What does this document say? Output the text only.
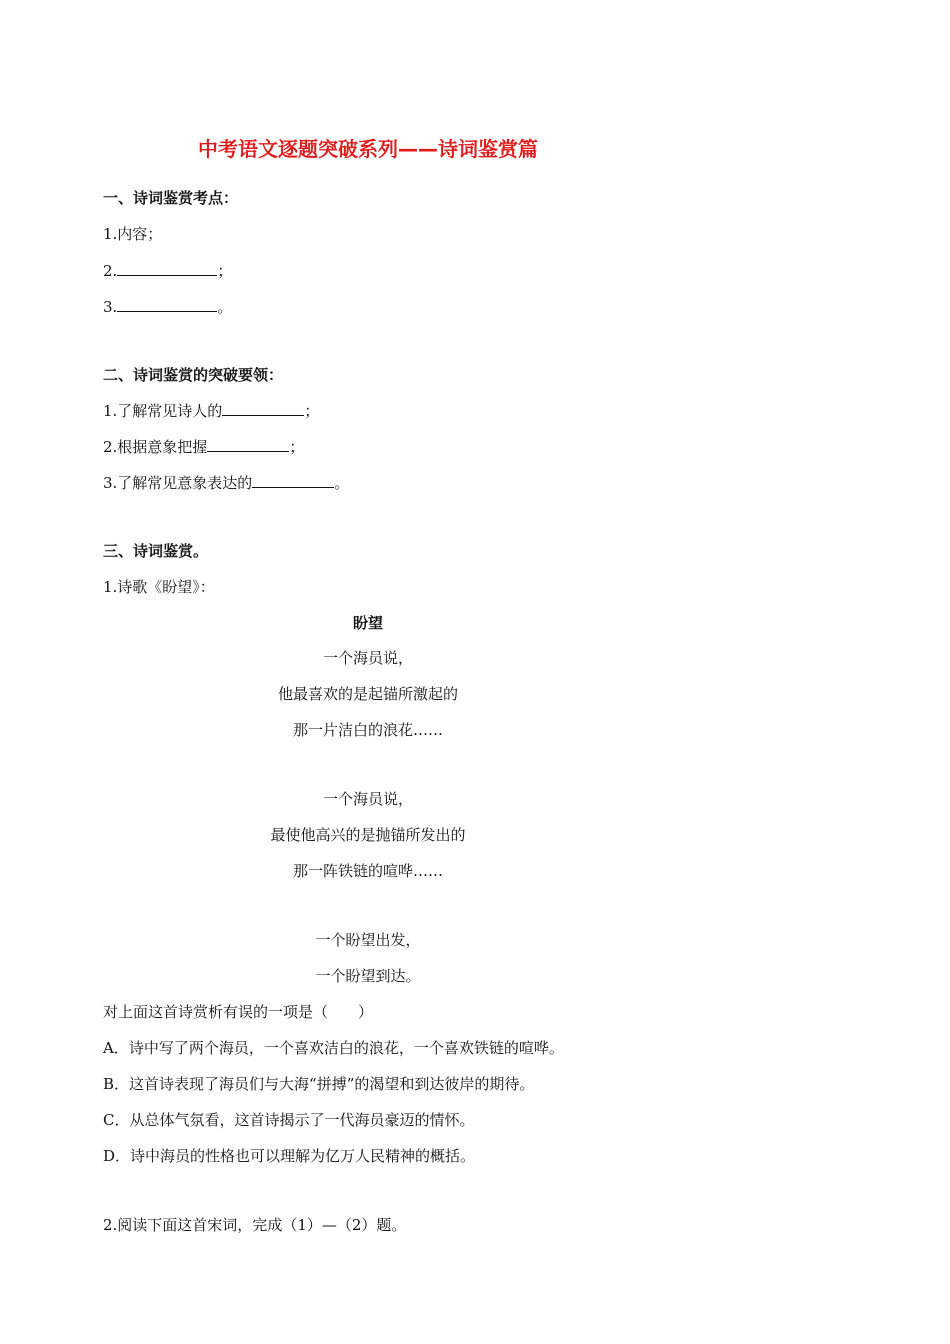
中考语文逐题突破系列——诗词鉴赏篇
一、诗词鉴赏考点：
1.内容；
2.	；
3.	。
二、诗词鉴赏的突破要领：
1.了解常见诗人的	；
2.根据意象把握	；
3.了解常见意象表达的	。
三、诗词鉴赏。
1.诗歌《盼望》：
盼望
一个海员说，
他最喜欢的是起锚所激起的
那一片洁白的浪花……
一个海员说，
最使他高兴的是抛锚所发出的
那一阵铁链的喧哗……
一个盼望出发，
一个盼望到达。
对上面这首诗赏析有误的一项是（　　）
A．诗中写了两个海员，一个喜欢洁白的浪花，一个喜欢铁链的喧哗。
B．这首诗表现了海员们与大海“拼搏”的渴望和到达彼岸的期待。
C．从总体气氛看，这首诗揭示了一代海员豪迈的情怀。
D．诗中海员的性格也可以理解为亿万人民精神的概括。
2.阅读下面这首宋词，完成（1）—（2）题。
